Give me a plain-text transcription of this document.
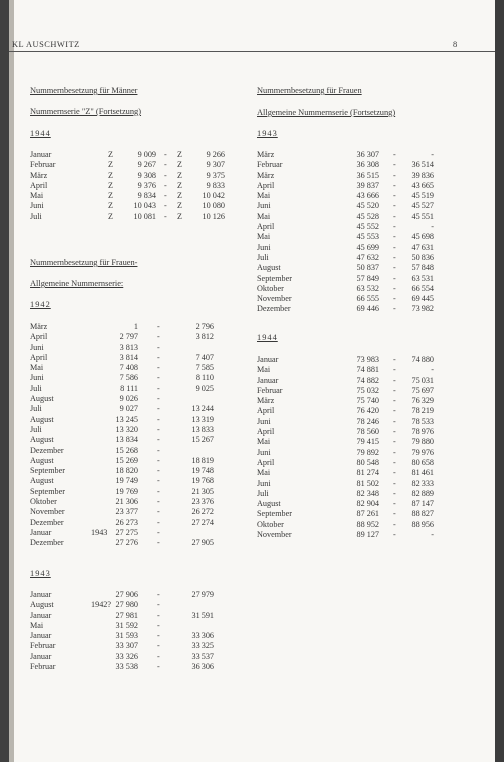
KL AUSCHWITZ	8
Nummernbesetzung für Männer
Nummernserie "Z" (Fortsetzung)
1944
Januar	Z	9 009 - Z	9 266
Februar	Z	9 267 - Z	9 307
März	Z	9 308 - Z	9 375
April	Z	9 376 - Z	9 833
Mai	Z	9 834 - Z	10 042
Juni	Z	10 043 - Z	10 080
Juli	Z	10 081 - Z	10 126
Nummernbesetzung für Frauen-
Allgemeine Nummernserie:
1942
März	1 -	2 796
April	2 797 -	3 812
Juni	3 813 -
April	3 814 -	7 407
Mai	7 408 -	7 585
Juni	7 586 -	8 110
Juli	8 111 -	9 025
August	9 026 -
Juli	9 027 -	13 244
August	13 245 -	13 319
Juli	13 320 -	13 833
August	13 834 -	15 267
Dezember	15 268 -
August	15 269 -	18 819
September	18 820 -	19 748
August	19 749 -	19 768
September	19 769 -	21 305
Oktober	21 306 -	23 376
November	23 377 -	26 272
Dezember	26 273 -	27 274
Januar	1943 27 275 -
Dezember	27 276 -	27 905
1943
Januar	27 906 -	27 979
August	1942? 27 980 -
Januar	27 981 -	31 591
Mai	31 592 -
Januar	31 593 -	33 306
Februar	33 307 -	33 325
Januar	33 326 -	33 537
Februar	33 538 -	36 306
Nummernbesetzung für Frauen
Allgemeine Nummernserie (Fortsetzung)
1943
März	36 307 -	-
Februar	36 308 -	36 514
März	36 515 -	39 836
April	39 837 -	43 665
Mai	43 666 -	45 519
Juni	45 520 -	45 527
Mai	45 528 -	45 551
April	45 552 -	-
Mai	45 553 -	45 698
Juni	45 699 -	47 631
Juli	47 632 -	50 836
August	50 837 -	57 848
September	57 849 -	63 531
Oktober	63 532 -	66 554
November	66 555 -	69 445
Dezember	69 446 -	73 982
1944
Januar	73 983 -	74 880
Mai	74 881 -	-
Januar	74 882 -	75 031
Februar	75 032 -	75 697
März	75 740 -	76 329
April	76 420 -	78 219
Juni	78 246 -	78 533
April	78 560 -	78 976
Mai	79 415 -	79 880
Juni	79 892 -	79 976
April	80 548 -	80 658
Mai	81 274 -	81 461
Juni	81 502 -	82 333
Juli	82 348 -	82 889
August	82 904 -	87 147
September	87 261 -	88 827
Oktober	88 952 -	88 956
November	89 127 -	-
